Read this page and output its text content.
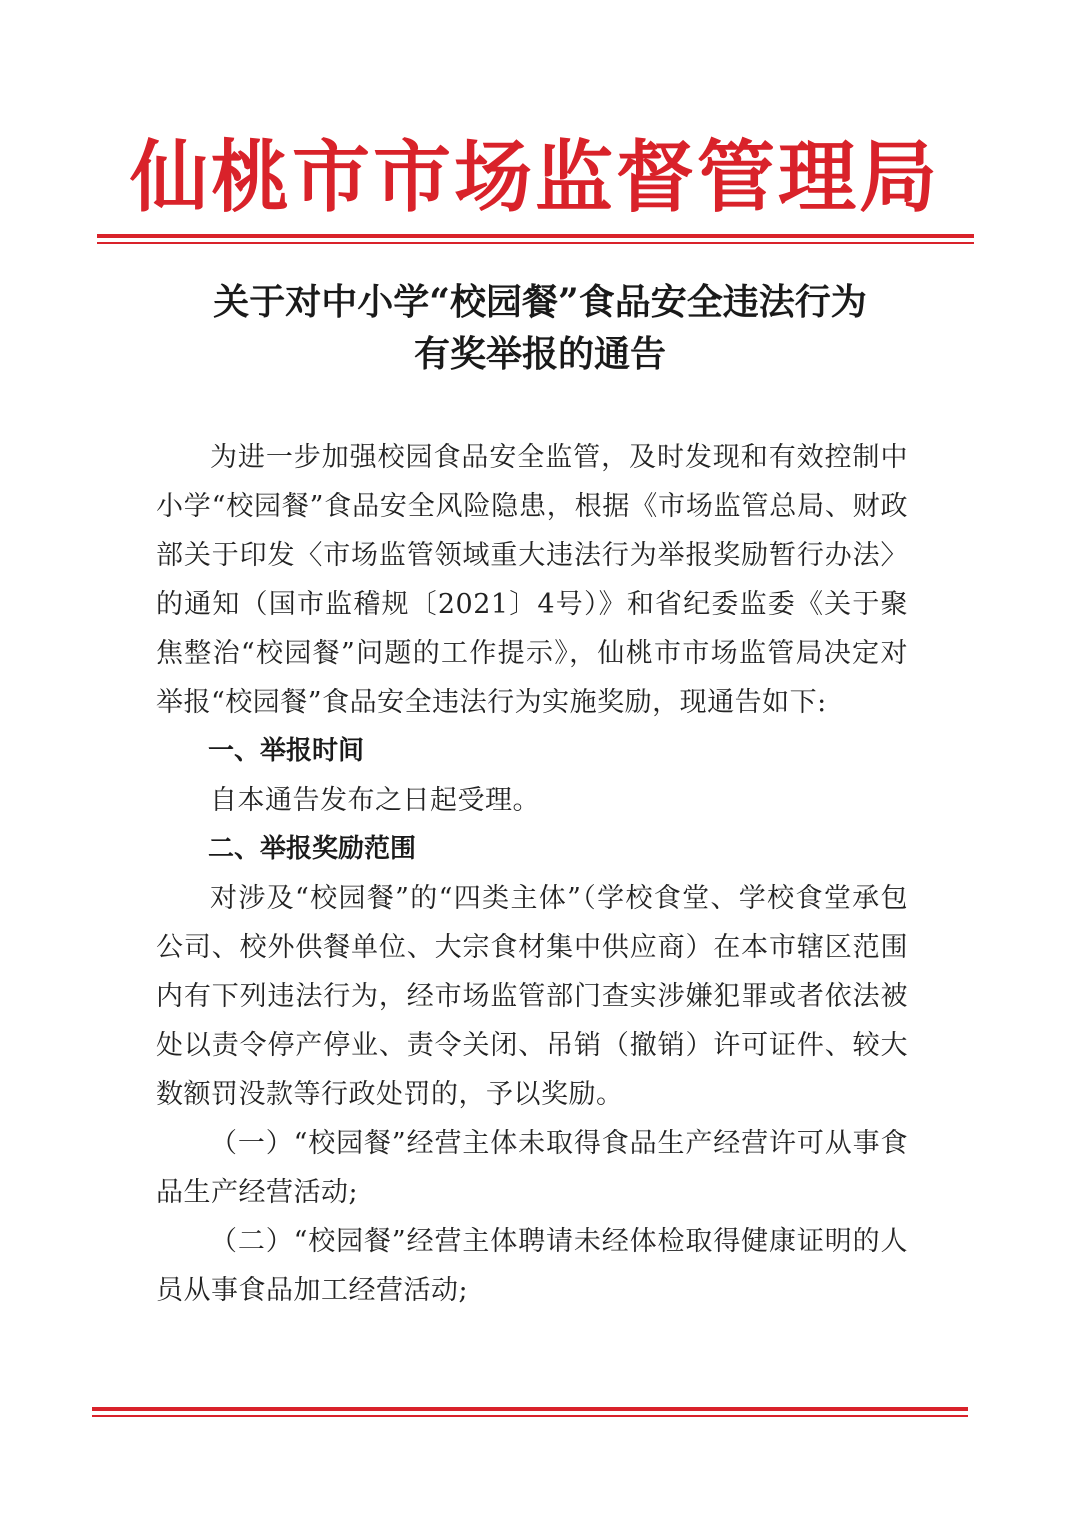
仙桃市市场监督管理局
关于对中小学“校园餐”食品安全违法行为
有奖举报的通告

为进一步加强校园食品安全监管，及时发现和有效控制中小学“校园餐”食品安全风险隐患，根据《市场监管总局、财政部关于印发〈市场监管领域重大违法行为举报奖励暂行办法〉的通知（国市监稽规〔2021〕4号）》和省纪委监委《关于聚焦整治“校园餐”问题的工作提示》，仙桃市市场监管局决定对举报“校园餐”食品安全违法行为实施奖励，现通告如下:

一、举报时间

自本通告发布之日起受理。

二、举报奖励范围

对涉及“校园餐”的“四类主体”（学校食堂、学校食堂承包公司、校外供餐单位、大宗食材集中供应商）在本市辖区范围内有下列违法行为，经市场监管部门查实涉嫌犯罪或者依法被处以责令停产停业、责令关闭、吊销（撤销）许可证件、较大数额罚没款等行政处罚的，予以奖励。

（一）“校园餐”经营主体未取得食品生产经营许可从事食品生产经营活动;

（二）“校园餐”经营主体聘请未经体检取得健康证明的人员从事食品加工经营活动;
